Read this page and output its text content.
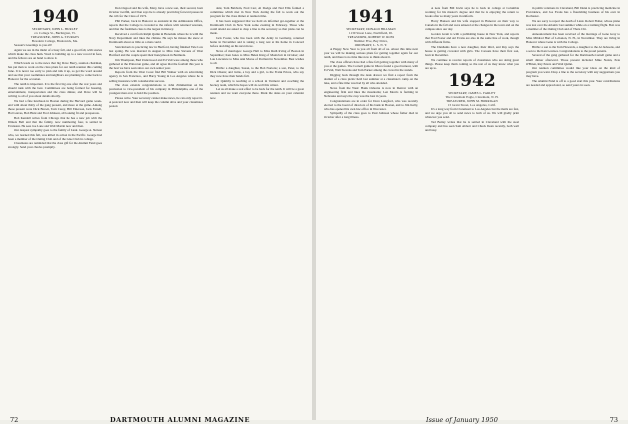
1940
SECRETARY, JOHN L. HURLEY
c/o College St., Burlington, Vt.
TREASURER, JOHN A. STURGES
Bowdoin College, Brunswick, Me.

Season's Greetings to you all!

Again we are in the midst of a busy fall, and a good fall, with stories which make the class hum. Word is building up to a new record in fees, and the fellows are on hand to show it.

Which leads us to the news that big Dave Barry, reunion chairman, has put men to work on the class plans for our tenth reunion this coming June. It is never too early to plan and talk it up, so get the word around and see that your roommates and neighbors are planning to come back to Hanover for the occasion.

The tenth is important. It is the first big one after the war years and should rank with the best. Committees are being formed for housing, entertainment, transportation and the class dinner, and Dave will be writing to all of you about details shortly.

We had a fine luncheon in Boston during the Harvard game week-end with about thirty of the gang present, and more at the game. Among those present were Dick Brown, Tom Carey, Bill Emerson, Jack Farrell, Hal Graves, Bob Hunt and Fred Johnson, all looking fit and prosperous.

Bob Kendall writes from Chicago that he has a new job with the Illinois Bell and that the family, now numbering four, is settled in Evanston. He sees Joe Lane and Walt Martin now and then.

Our deepest sympathy goes to the family of Lieut. George A. Nelson who, we learned this fall, was killed in action in the Pacific. George had been a member of the Outing Club and of the Glee Club in college.

Classmates are reminded that the class gift for the Alumni Fund goes strongly. Send your checks promptly.

Don Osgood and his wife, Mary, have a new son, their second, born October twelfth, and Don says he is already practicing forward passes in the crib for the Class of 1972.

Phil Parker, back in Hanover as assistant in the Admissions Office, reports that the College is crowded to the rafters with returned veterans, and that the freshman class is the largest in history.

Received a card from Ralph Quinn in Honolulu where he is with the Navy Department and likes the climate. He says he misses the snow at Dartmouth about as little as a man could.

Stan Roberts is practicing law in Hartford, having finished Yale Law last spring. He was married in August to Miss Jane Stevens of West Hartford and the couple spent their honeymoon in Bermuda.

Jim Thompson, Bud Underwood and Ed Vail were among those who gathered at the Princeton game, and all agree that the football this year is the best we have seen since our own senior year.

Reports from the West Coast find Bill Walker with an advertising agency in San Francisco, and Harry Young in Los Angeles where he is selling insurance with considerable success.

The class extends congratulations to John Zimmerman on his promotion to vice-president of his company in Philadelphia, one of the youngest men ever to hold the position.

Please write. Your secretary cannot make news, he can only report it. A postcard now and then will keep the column alive and your classmates posted.

dent, Tom Baldwin, Fred Carr, Al Dodge and Ned Ellis formed a committee which met in New York during the fall to work out the program for the class dinner at reunion time.

It has been suggested that we hold an informal get-together at the Dartmouth Club in New York some evening in February. Those who could attend are asked to drop a line to the secretary so that plans can be made.

Jack Foster, who has been with the Army in Germany, returned home in November and is taking a long rest at his home in Concord before deciding on his next move.

News of marriages: George Hall to Miss Ruth Irving of Boston in September; Ken Jones to Miss Helen King of Montclair in October; and Lou Lawrence to Miss Ann Morse of Portland in November. Best wishes to all.

Births: a daughter, Susan, to the Bob Nortons; a son, Peter, to the Dick Olsens; and twins, a boy and a girl, to the Frank Prices, who say they now have their hands full.

Al Quimby is teaching at a school in Vermont and coaching the hockey team, which he hopes will do well this winter.

Let us all make a real effort to be back for the tenth. It will be a great reunion and we want everyone there. Mark the dates on your calendar now.

72	DARTMOUTH ALUMNI MAGAZINE
1941
SECRETARY, DONALD HILLMAN
1130 Street Lane, Northfield, Ill.
TREASURER, ROBERT W. ROSS
Number Five, Bay Drive,
ORDINARY, L. S. N. Y.

A Happy New Year to you all from all of us. About this time next year we will be making serious plans for getting together again for our tenth, and there is no time like now to think about it.

The class officers have had a fine fall getting together with many of you at the games. The Cornell game in Ithaca found a good turnout, with Ed Vail, Walt Stevens and Tom Parker among the crowd in the stands.

Digging back through the desk drawer we find a report from the alumni of a class picnic held last summer at a classmate's camp on the lake, and a fine time was had by all who attended.

News from the West: Hank Osborne is now in Denver with an engineering firm and likes the mountains; Len Morris is farming in Nebraska and says the crop was the best in years.

Congratulations are in order for Dave Langford, who was recently elected to the board of directors of his bank in Boston, and to Jim Kelly, who has opened his own law office in Worcester.

Sympathy of the class goes to Paul Johnson whose father died in October after a long illness.

A note from Bill Irwin says he is back in college at Columbia working for his master's degree and that he is enjoying the return to books after so many years in uniform.

Harry Hanson and his wife stopped in Hanover on their way to Canada in the fall and were amazed at the changes in the town and on the campus since our day.

Gordon Grant is with a publishing house in New York, and reports that Fred Foster and Art Evans are also in the same line of work, though with different firms.

The Dunhams have a new daughter, their third, and Ray says the house is getting crowded with girls. The Carsons have their first son, born in December.

We continue to receive reports of classmates who are doing great things. Please keep them coming so the rest of us may know what you are up to.

1942
SECRETARY, JAMES L. FARLEY
The Claremont Eagle, Claremont, N. H.
TREASURER, JOHN M. HORRIGAN
15 Grant Street, Los Angeles, Calif.

It's a long way from Claremont to Los Angeles but the mails are fast, and we urge you all to send news to both of us. We will gladly print whatever you send.

Ted Bailey writes that he is settled in Cleveland with the steel company and has seen Sam Abbott and Chuck Dean recently, both well and busy.

in public relations in Cleveland, Bill Dunn is practicing medicine in Providence, and Joe Evans has a flourishing business of his own in Rochester.

We are sorry to report the death of Lieut. Robert Fisher, whose plane was lost over the Atlantic last summer while on a training flight. Bob was a member of the Outing Club and of Theta Chi.

Announcement has been received of the marriage of Gene Gray to Miss Mildred Hart of Lebanon, N. H., in November. They are living in Hanover where Gene is with the College.

Births: a son to the Tom Howards, a daughter to the Al Jacksons, and a son to the Ken Lewises. Congratulations to the proud parents.

Several of the gang gathered for the Dartmouth-Cornell game and a small dinner afterward. Those present included Mike Nolan, Pete O'Brien, Ray Peters and Walt Quinn.

Our reunion committee would like your ideas on the kind of program you want. Drop a line to the secretary with any suggestions you may have.

The Alumni Fund is off to a good start this year. Your contributions are needed and appreciated, so send yours in soon.

Issue of January 1950	73
